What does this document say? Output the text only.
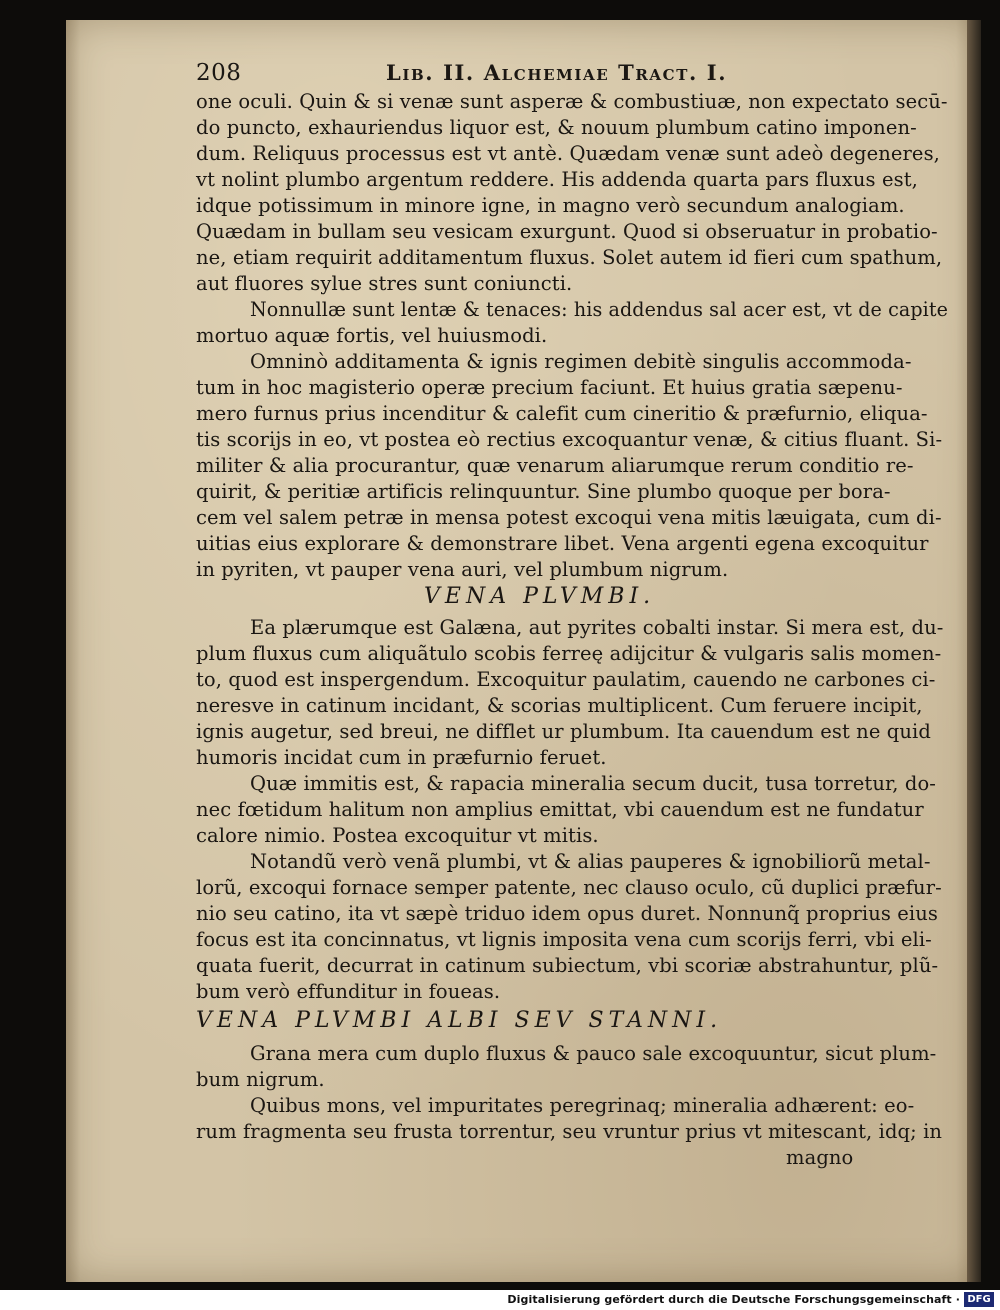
208	Lib. II. Alchemiae Tract. I.
one oculi. Quin & si venæ sunt asperæ & combustiuæ, non expectato secū-
do puncto, exhauriendus liquor est, & nouum plumbum catino imponen-
dum. Reliquus processus est vt antè. Quædam venæ sunt adeò degeneres,
vt nolint plumbo argentum reddere. His addenda quarta pars fluxus est,
idque potissimum in minore igne, in magno verò secundum analogiam.
Quædam in bullam seu vesicam exurgunt. Quod si obseruatur in probatio-
ne, etiam requirit additamentum fluxus. Solet autem id fieri cum spathum,
aut fluores sylue stres sunt coniuncti.
Nonnullæ sunt lentæ & tenaces: his addendus sal acer est, vt de capite
mortuo aquæ fortis, vel huiusmodi.
Omninò additamenta & ignis regimen debitè singulis accommoda-
tum in hoc magisterio operæ precium faciunt. Et huius gratia sæpenu-
mero furnus prius incenditur & calefit cum cineritio & præfurnio, eliqua-
tis scorijs in eo, vt postea eò rectius excoquantur venæ, & citius fluant. Si-
militer & alia procurantur, quæ venarum aliarumque rerum conditio re-
quirit, & peritiæ artificis relinquuntur. Sine plumbo quoque per bora-
cem vel salem petræ in mensa potest excoqui vena mitis læuigata, cum di-
uitias eius explorare & demonstrare libet. Vena argenti egena excoquitur
in pyriten, vt pauper vena auri, vel plumbum nigrum.
VENA PLVMBI.
Ea plærumque est Galæna, aut pyrites cobalti instar. Si mera est, du-
plum fluxus cum aliquãtulo scobis ferreę adijcitur & vulgaris salis momen-
to, quod est inspergendum. Excoquitur paulatim, cauendo ne carbones ci-
neresve in catinum incidant, & scorias multiplicent. Cum feruere incipit,
ignis augetur, sed breui, ne difflet ur plumbum. Ita cauendum est ne quid
humoris incidat cum in præfurnio feruet.
Quæ immitis est, & rapacia mineralia secum ducit, tusa torretur, do-
nec fœtidum halitum non amplius emittat, vbi cauendum est ne fundatur
calore nimio. Postea excoquitur vt mitis.
Notandũ verò venã plumbi, vt & alias pauperes & ignobiliorũ metal-
lorũ, excoqui fornace semper patente, nec clauso oculo, cũ duplici præfur-
nio seu catino, ita vt sæpè triduo idem opus duret. Nonnunq̃ proprius eius
focus est ita concinnatus, vt lignis imposita vena cum scorijs ferri, vbi eli-
quata fuerit, decurrat in catinum subiectum, vbi scoriæ abstrahuntur, plũ-
bum verò effunditur in foueas.
VENA PLVMBI ALBI SEV STANNI.
Grana mera cum duplo fluxus & pauco sale excoquuntur, sicut plum-
bum nigrum.
Quibus mons, vel impuritates peregrinaq; mineralia adhærent: eo-
rum fragmenta seu frusta torrentur, seu vruntur prius vt mitescant, idq; in
magno
Digitalisierung gefördert durch die Deutsche Forschungsgemeinschaft · DFG
